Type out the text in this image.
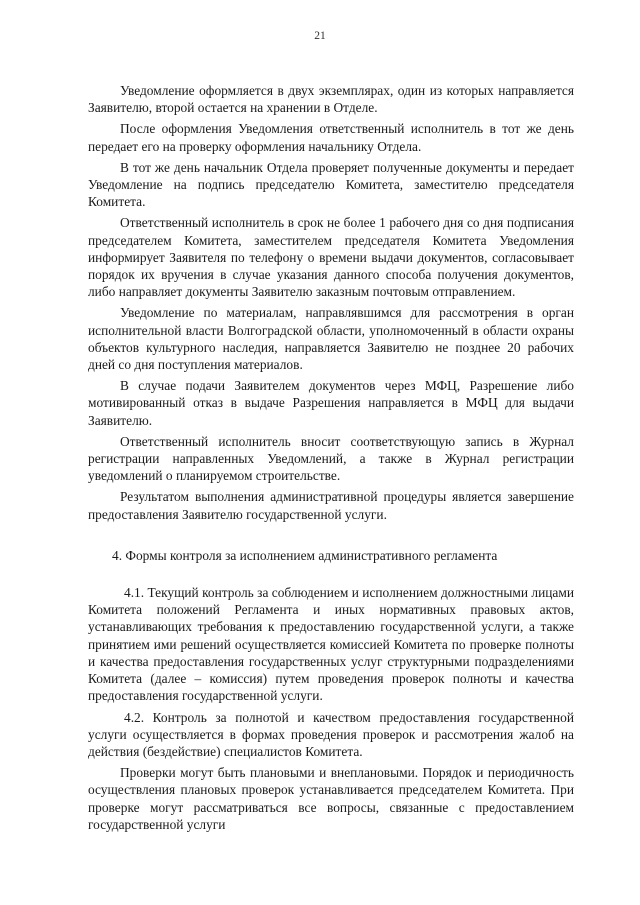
21

Уведомление оформляется в двух экземплярах, один из которых направляется Заявителю, второй остается на хранении в Отделе.

После оформления Уведомления ответственный исполнитель в тот же день передает его на проверку оформления начальнику Отдела.

В тот же день начальник Отдела проверяет полученные документы и передает Уведомление на подпись председателю Комитета, заместителю председателя Комитета.

Ответственный исполнитель в срок не более 1 рабочего дня со дня подписания председателем Комитета, заместителем председателя Комитета Уведомления информирует Заявителя по телефону о времени выдачи документов, согласовывает порядок их вручения в случае указания данного способа получения документов, либо направляет документы Заявителю заказным почтовым отправлением.

Уведомление по материалам, направлявшимся для рассмотрения в орган исполнительной власти Волгоградской области, уполномоченный в области охраны объектов культурного наследия, направляется Заявителю не позднее 20 рабочих дней со дня поступления материалов.

В случае подачи Заявителем документов через МФЦ, Разрешение либо мотивированный отказ в выдаче Разрешения направляется в МФЦ для выдачи Заявителю.

Ответственный исполнитель вносит соответствующую запись в Журнал регистрации направленных Уведомлений, а также в Журнал регистрации уведомлений о планируемом строительстве.

Результатом выполнения административной процедуры является завершение предоставления Заявителю государственной услуги.

4. Формы контроля за исполнением административного регламента

4.1. Текущий контроль за соблюдением и исполнением должностными лицами Комитета положений Регламента и иных нормативных правовых актов, устанавливающих требования к предоставлению государственной услуги, а также принятием ими решений осуществляется комиссией Комитета по проверке полноты и качества предоставления государственных услуг структурными подразделениями Комитета (далее – комиссия) путем проведения проверок полноты и качества предоставления государственной услуги.

4.2. Контроль за полнотой и качеством предоставления государственной услуги осуществляется в формах проведения проверок и рассмотрения жалоб на действия (бездействие) специалистов Комитета.

Проверки могут быть плановыми и внеплановыми. Порядок и периодичность осуществления плановых проверок устанавливается председателем Комитета. При проверке могут рассматриваться все вопросы, связанные с предоставлением государственной услуги
